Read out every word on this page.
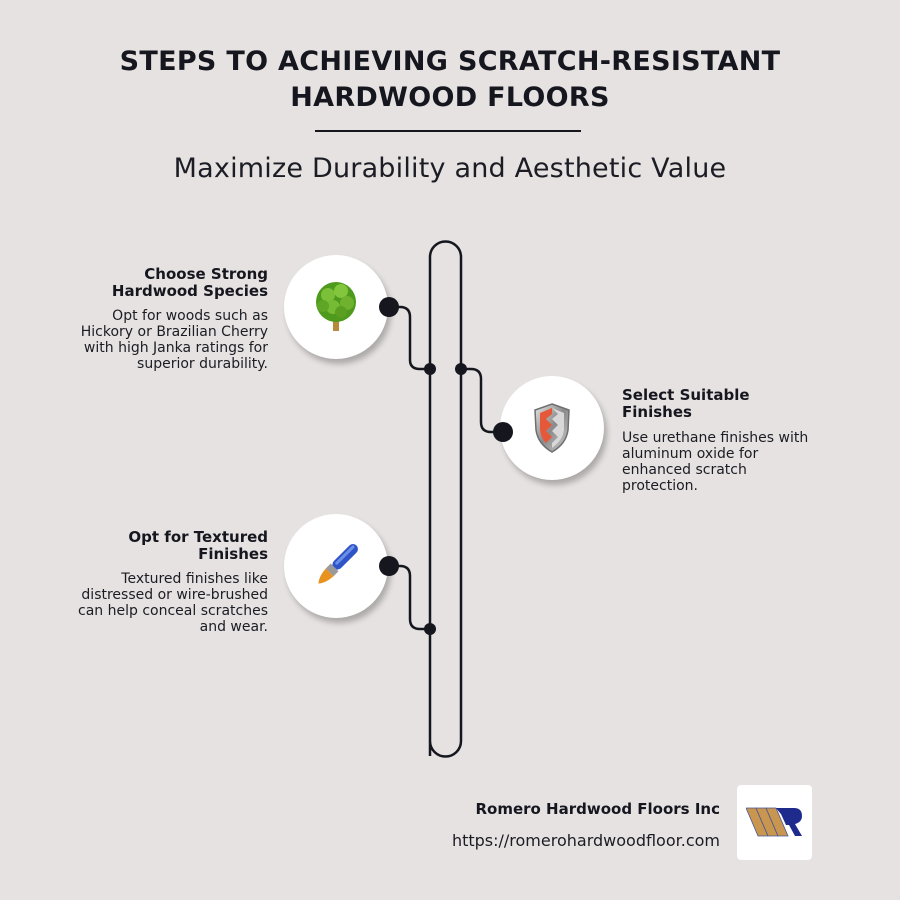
STEPS TO ACHIEVING SCRATCH-RESISTANT
HARDWOOD FLOORS
Maximize Durability and Aesthetic Value
Choose Strong
Hardwood Species
Opt for woods such as
Hickory or Brazilian Cherry
with high Janka ratings for
superior durability.
Select Suitable
Finishes
Use urethane finishes with
aluminum oxide for
enhanced scratch
protection.
Opt for Textured
Finishes
Textured finishes like
distressed or wire-brushed
can help conceal scratches
and wear.
Romero Hardwood Floors Inc
https://romerohardwoodfloor.com
